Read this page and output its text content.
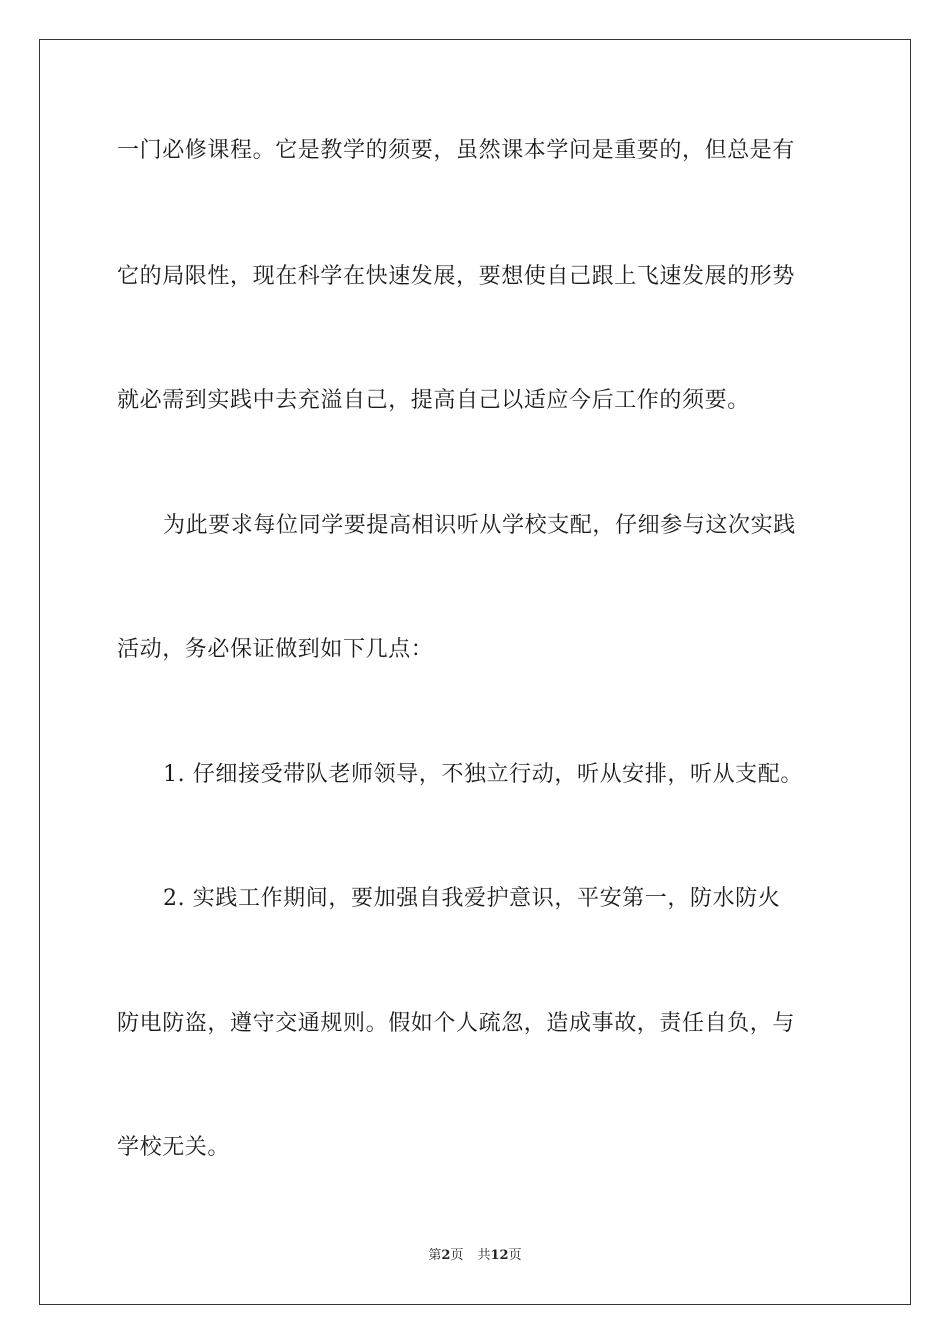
一门必修课程。它是教学的须要，虽然课本学问是重要的，但总是有
它的局限性，现在科学在快速发展，要想使自己跟上飞速发展的形势
就必需到实践中去充溢自己，提高自己以适应今后工作的须要。
为此要求每位同学要提高相识听从学校支配，仔细参与这次实践
活动，务必保证做到如下几点：
1. 仔细接受带队老师领导，不独立行动，听从安排，听从支配。
2. 实践工作期间，要加强自我爱护意识，平安第一，防水防火
防电防盗，遵守交通规则。假如个人疏忽，造成事故，责任自负，与
学校无关。
第2页 共12页
